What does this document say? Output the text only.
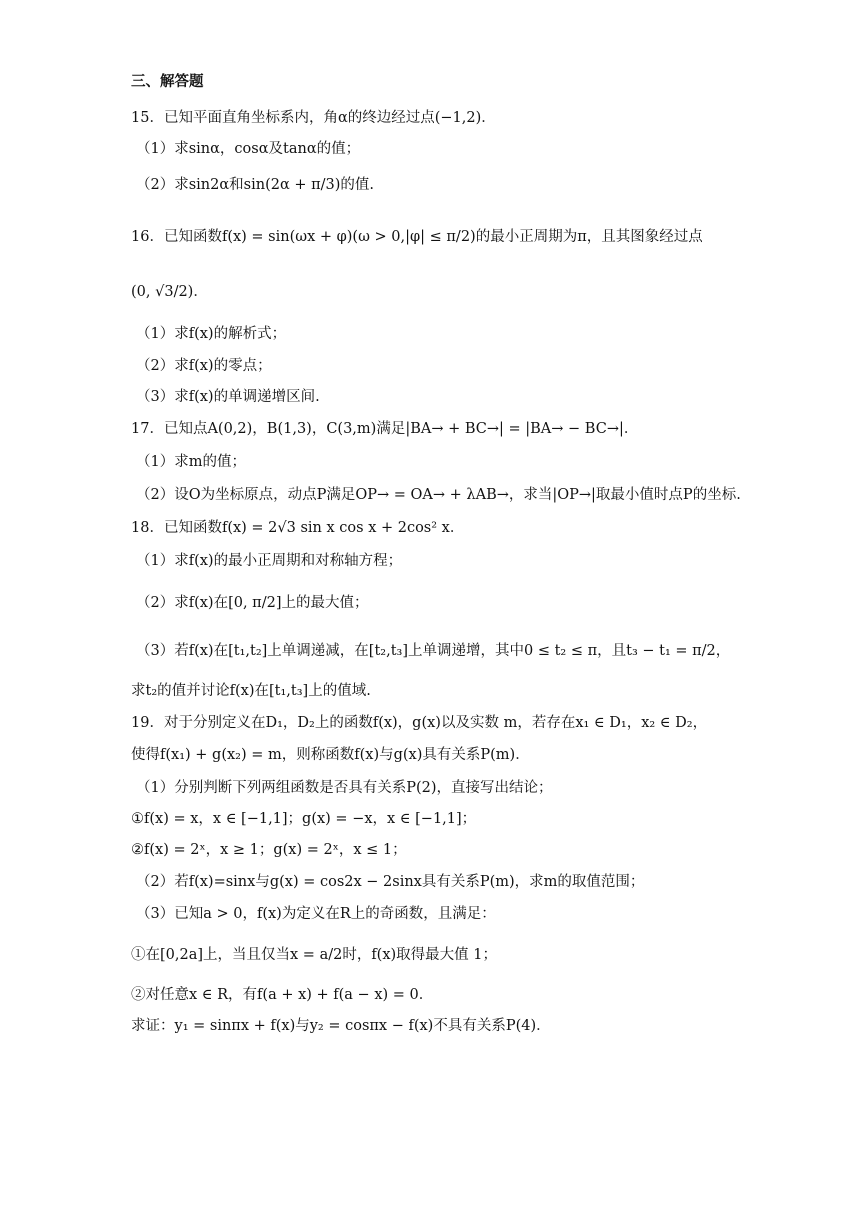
三、解答题
15．已知平面直角坐标系内，角α的终边经过点(−1,2)．
（1）求sinα，cosα及tanα的值；
（2）求sin2α和sin(2α + π/3)的值.
16．已知函数f(x) = sin(ωx + φ)(ω > 0,|φ| ≤ π/2)的最小正周期为π，且其图象经过点
(0, √3/2)．
（1）求f(x)的解析式；
（2）求f(x)的零点；
（3）求f(x)的单调递增区间.
17．已知点A(0,2)，B(1,3)，C(3,m)满足|BA→ + BC→| = |BA→ − BC→|．
（1）求m的值；
（2）设O为坐标原点，动点P满足OP→ = OA→ + λAB→，求当|OP→|取最小值时点P的坐标.
18．已知函数f(x) = 2√3 sin x cos x + 2cos² x．
（1）求f(x)的最小正周期和对称轴方程；
（2）求f(x)在[0, π/2]上的最大值；
（3）若f(x)在[t₁,t₂]上单调递减，在[t₂,t₃]上单调递增，其中0 ≤ t₂ ≤ π，且t₃ − t₁ = π/2，
求t₂的值并讨论f(x)在[t₁,t₃]上的值域.
19．对于分别定义在D₁，D₂上的函数f(x)，g(x)以及实数 m，若存在x₁ ∈ D₁，x₂ ∈ D₂，
使得f(x₁) + g(x₂) = m，则称函数f(x)与g(x)具有关系P(m)．
（1）分别判断下列两组函数是否具有关系P(2)，直接写出结论；
①f(x) = x，x ∈ [−1,1]；g(x) = −x，x ∈ [−1,1]；
②f(x) = 2ˣ，x ≥ 1；g(x) = 2ˣ，x ≤ 1；
（2）若f(x)=sinx与g(x) = cos2x − 2sinx具有关系P(m)，求m的取值范围；
（3）已知a > 0，f(x)为定义在R上的奇函数，且满足：
①在[0,2a]上，当且仅当x = a/2时，f(x)取得最大值 1；
②对任意x ∈ R，有f(a + x) + f(a − x) = 0．
求证：y₁ = sinπx + f(x)与y₂ = cosπx − f(x)不具有关系P(4)．
